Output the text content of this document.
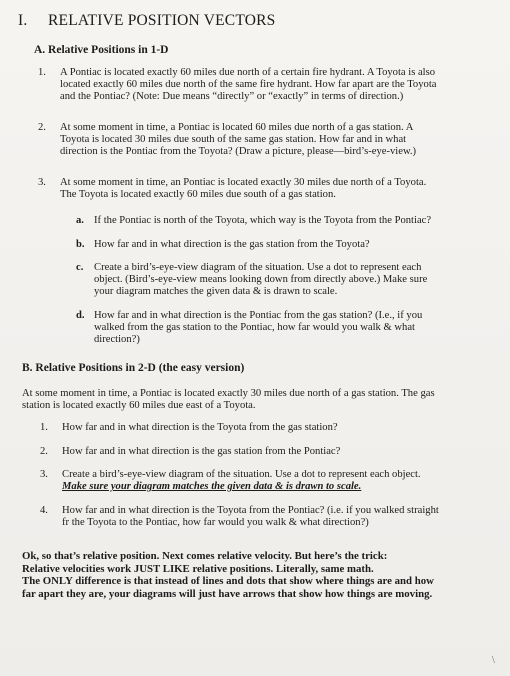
I. RELATIVE POSITION VECTORS
A. Relative Positions in 1-D
1. A Pontiac is located exactly 60 miles due north of a certain fire hydrant. A Toyota is also
located exactly 60 miles due north of the same fire hydrant. How far apart are the Toyota
and the Pontiac? (Note: Due means “directly” or “exactly” in terms of direction.)
2. At some moment in time, a Pontiac is located 60 miles due north of a gas station. A
Toyota is located 30 miles due south of the same gas station. How far and in what
direction is the Pontiac from the Toyota? (Draw a picture, please—bird’s-eye-view.)
3. At some moment in time, an Pontiac is located exactly 30 miles due north of a Toyota.
The Toyota is located exactly 60 miles due south of a gas station.
a. If the Pontiac is north of the Toyota, which way is the Toyota from the Pontiac?
b. How far and in what direction is the gas station from the Toyota?
c. Create a bird’s-eye-view diagram of the situation. Use a dot to represent each
object. (Bird’s-eye-view means looking down from directly above.) Make sure
your diagram matches the given data & is drawn to scale.
d. How far and in what direction is the Pontiac from the gas station? (I.e., if you
walked from the gas station to the Pontiac, how far would you walk & what
direction?)
B. Relative Positions in 2-D (the easy version)
At some moment in time, a Pontiac is located exactly 30 miles due north of a gas station. The gas
station is located exactly 60 miles due east of a Toyota.
1. How far and in what direction is the Toyota from the gas station?
2. How far and in what direction is the gas station from the Pontiac?
3. Create a bird’s-eye-view diagram of the situation. Use a dot to represent each object.
Make sure your diagram matches the given data & is drawn to scale.
4. How far and in what direction is the Toyota from the Pontiac? (i.e. if you walked straight
fr the Toyota to the Pontiac, how far would you walk & what direction?)
Ok, so that’s relative position. Next comes relative velocity. But here’s the trick:
Relative velocities work JUST LIKE relative positions. Literally, same math.
The ONLY difference is that instead of lines and dots that show where things are and how
far apart they are, your diagrams will just have arrows that show how things are moving.
\
